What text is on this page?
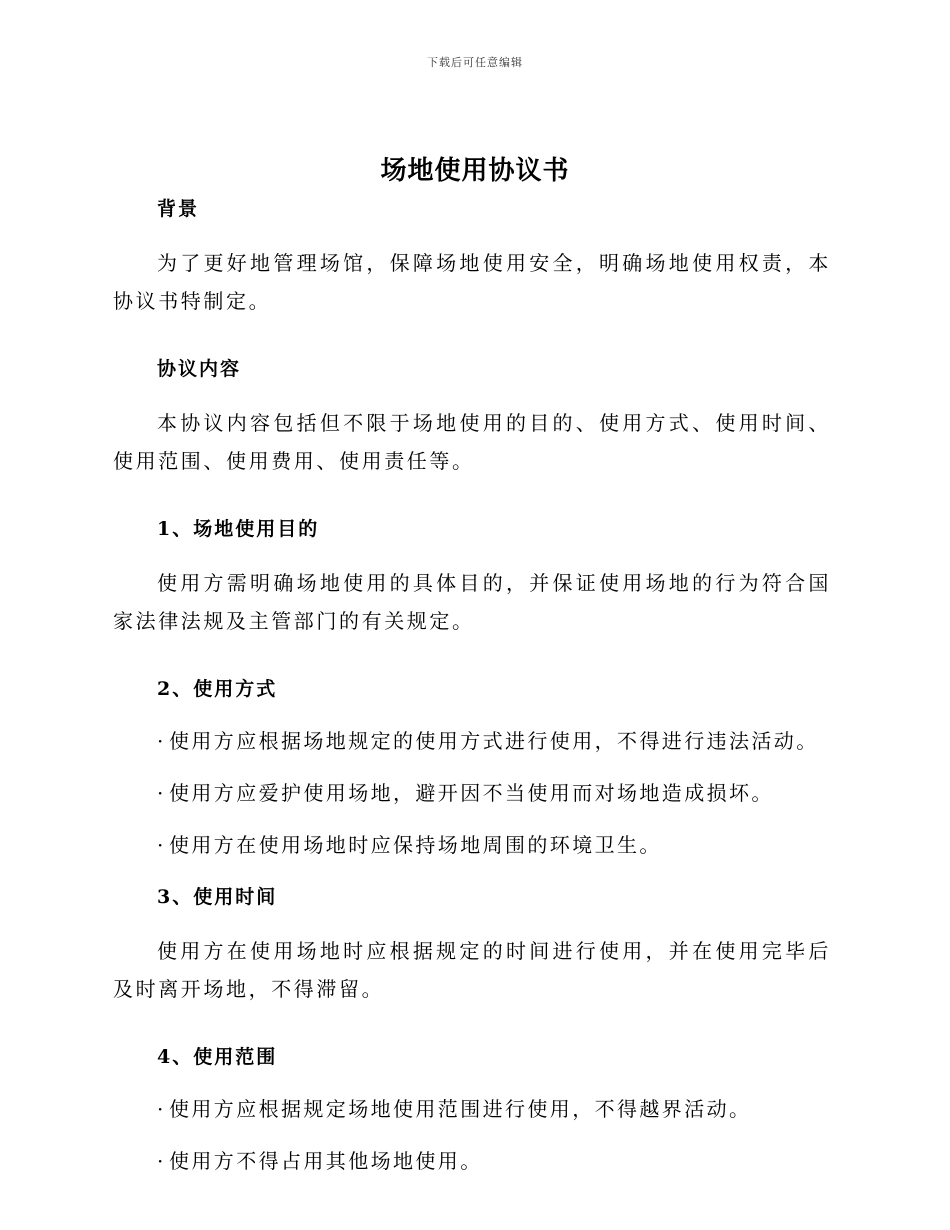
下载后可任意编辑
场地使用协议书
背景

为了更好地管理场馆，保障场地使用安全，明确场地使用权责，本协议书特制定。

协议内容

本协议内容包括但不限于场地使用的目的、使用方式、使用时间、使用范围、使用费用、使用责任等。

1、场地使用目的

使用方需明确场地使用的具体目的，并保证使用场地的行为符合国家法律法规及主管部门的有关规定。

2、使用方式

· 使用方应根据场地规定的使用方式进行使用，不得进行违法活动。

· 使用方应爱护使用场地，避开因不当使用而对场地造成损坏。

· 使用方在使用场地时应保持场地周围的环境卫生。

3、使用时间

使用方在使用场地时应根据规定的时间进行使用，并在使用完毕后及时离开场地，不得滞留。

4、使用范围

· 使用方应根据规定场地使用范围进行使用，不得越界活动。

· 使用方不得占用其他场地使用。
